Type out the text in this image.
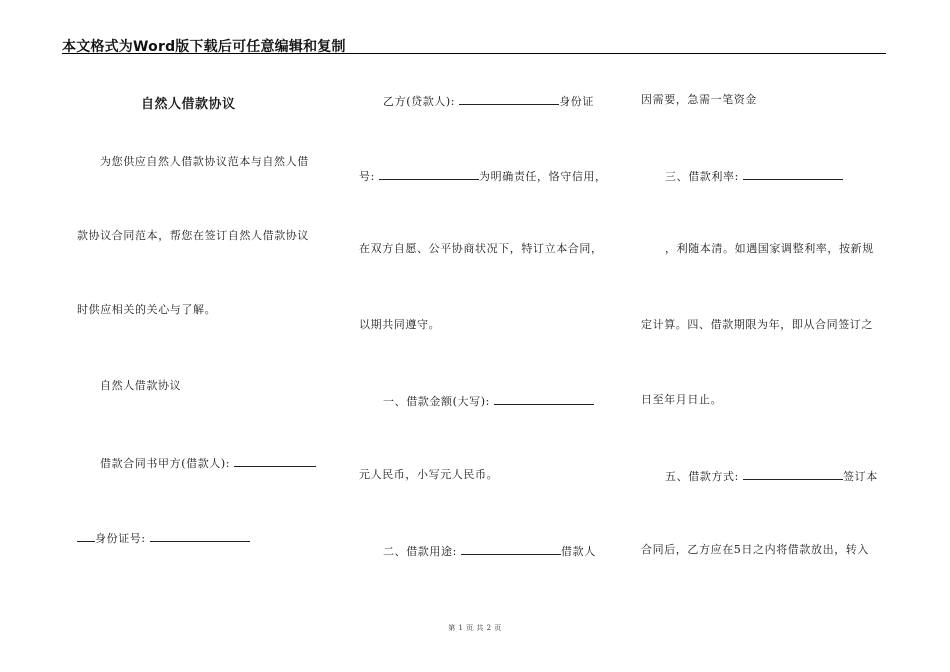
本文格式为Word版下载后可任意编辑和复制
自然人借款协议
为您供应自然人借款协议范本与自然人借
款协议合同范本，帮您在签订自然人借款协议
时供应相关的关心与了解。
自然人借款协议
借款合同书甲方(借款人):
身份证号:
乙方(贷款人):	身份证
号:	为明确责任，恪守信用，
在双方自愿、公平协商状况下，特订立本合同，
以期共同遵守。
一、借款金额(大写):
元人民币，小写元人民币。
二、借款用途:	借款人
因需要，急需一笔资金
三、借款利率:
，利随本清。如遇国家调整利率，按新规
定计算。四、借款期限为年，即从合同签订之
日至年月日止。
五、借款方式:	签订本
合同后，乙方应在5日之内将借款放出，转入
第 1 页 共 2 页
